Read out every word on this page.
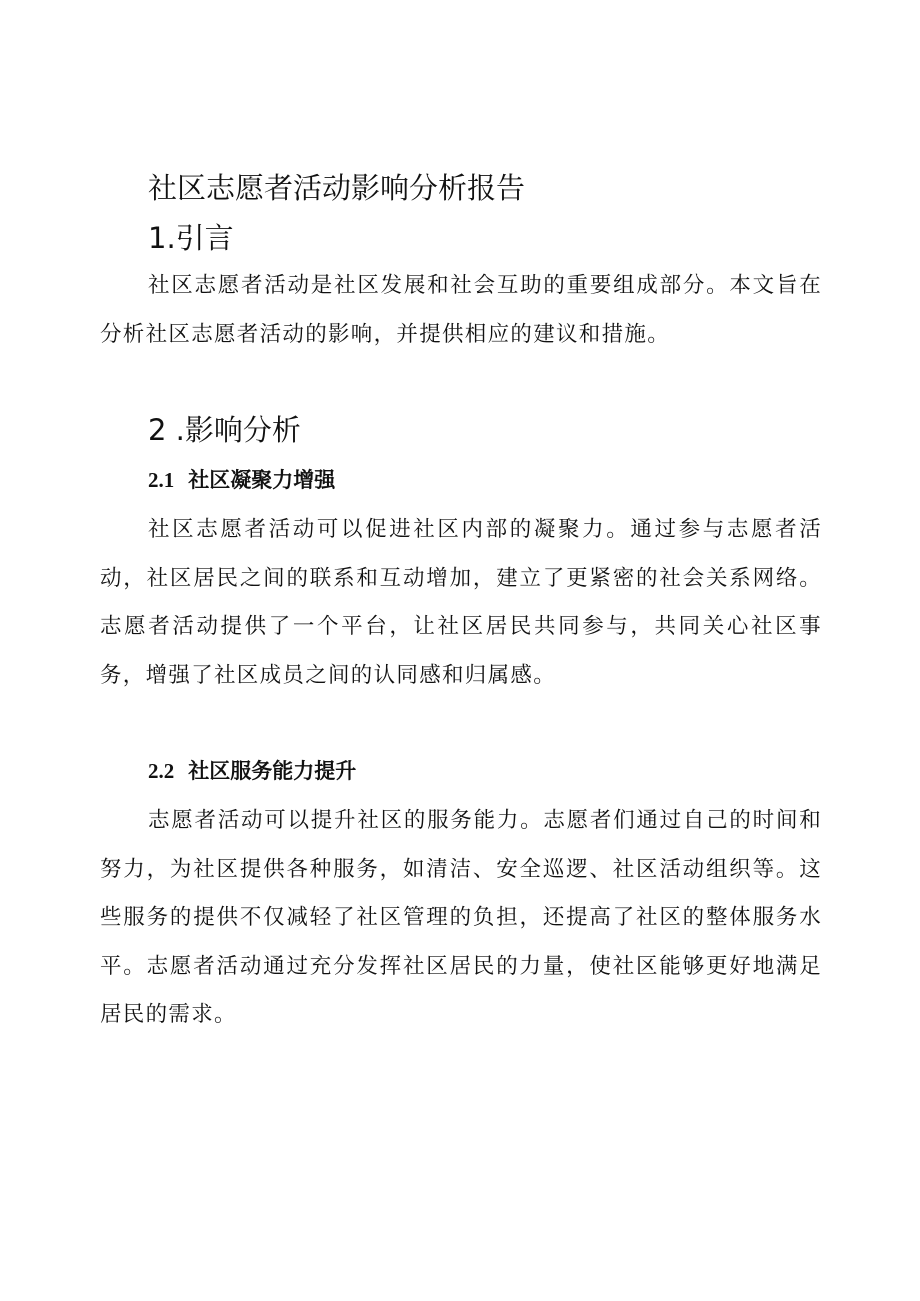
社区志愿者活动影响分析报告
1.引言

社区志愿者活动是社区发展和社会互助的重要组成部分。本文旨在分析社区志愿者活动的影响，并提供相应的建议和措施。

2 .影响分析
2.1 社区凝聚力增强

社区志愿者活动可以促进社区内部的凝聚力。通过参与志愿者活动，社区居民之间的联系和互动增加，建立了更紧密的社会关系网络。志愿者活动提供了一个平台，让社区居民共同参与，共同关心社区事务，增强了社区成员之间的认同感和归属感。

2.2 社区服务能力提升

志愿者活动可以提升社区的服务能力。志愿者们通过自己的时间和努力，为社区提供各种服务，如清洁、安全巡逻、社区活动组织等。这些服务的提供不仅减轻了社区管理的负担，还提高了社区的整体服务水平。志愿者活动通过充分发挥社区居民的力量，使社区能够更好地满足居民的需求。
